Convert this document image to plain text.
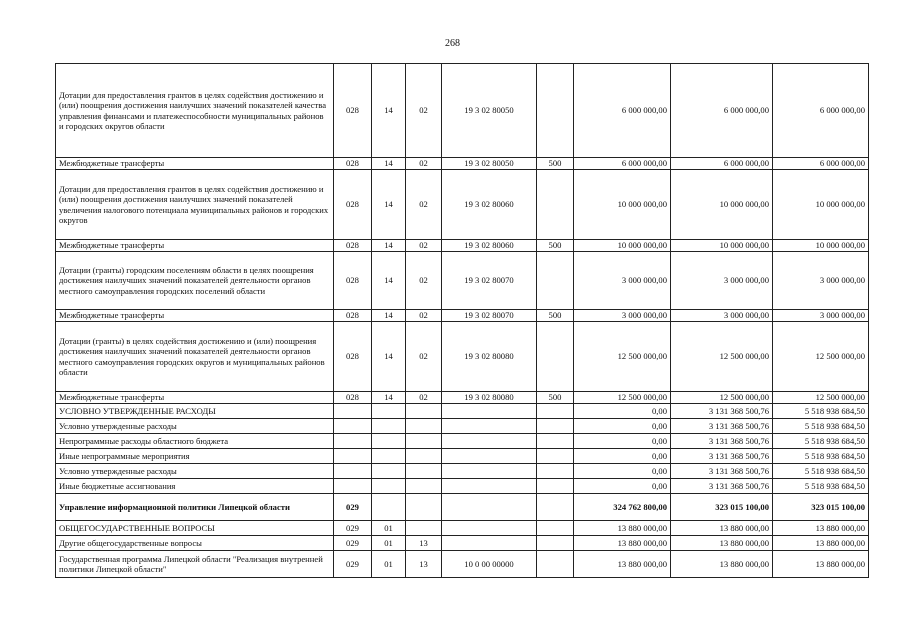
268
Дотации для предоставления грантов в целях содействия достижению и (или) поощрения достижения наилучших значений показателей качества управления финансами и платежеспособности муниципальных районов и городских округов области	028	14	02	19 3 02 80050		6 000 000,00	6 000 000,00	6 000 000,00
Межбюджетные трансферты	028	14	02	19 3 02 80050	500	6 000 000,00	6 000 000,00	6 000 000,00
Дотации для предоставления грантов в целях содействия достижению и (или) поощрения достижения наилучших значений показателей увеличения налогового потенциала муниципальных районов и городских округов	028	14	02	19 3 02 80060		10 000 000,00	10 000 000,00	10 000 000,00
Межбюджетные трансферты	028	14	02	19 3 02 80060	500	10 000 000,00	10 000 000,00	10 000 000,00
Дотации (гранты) городским поселениям области в целях поощрения достижения наилучших значений показателей деятельности органов местного самоуправления городских поселений области	028	14	02	19 3 02 80070		3 000 000,00	3 000 000,00	3 000 000,00
Межбюджетные трансферты	028	14	02	19 3 02 80070	500	3 000 000,00	3 000 000,00	3 000 000,00
Дотации (гранты) в целях содействия достижению и (или) поощрения достижения наилучших значений показателей деятельности органов местного самоуправления городских округов и муниципальных районов области	028	14	02	19 3 02 80080		12 500 000,00	12 500 000,00	12 500 000,00
Межбюджетные трансферты	028	14	02	19 3 02 80080	500	12 500 000,00	12 500 000,00	12 500 000,00
УСЛОВНО УТВЕРЖДЕННЫЕ РАСХОДЫ						0,00	3 131 368 500,76	5 518 938 684,50
Условно утвержденные расходы						0,00	3 131 368 500,76	5 518 938 684,50
Непрограммные расходы областного бюджета						0,00	3 131 368 500,76	5 518 938 684,50
Иные непрограммные мероприятия						0,00	3 131 368 500,76	5 518 938 684,50
Условно утвержденные расходы						0,00	3 131 368 500,76	5 518 938 684,50
Иные бюджетные ассигнования						0,00	3 131 368 500,76	5 518 938 684,50
Управление информационной политики Липецкой области	029					324 762 800,00	323 015 100,00	323 015 100,00
ОБЩЕГОСУДАРСТВЕННЫЕ ВОПРОСЫ	029	01				13 880 000,00	13 880 000,00	13 880 000,00
Другие общегосударственные вопросы	029	01	13			13 880 000,00	13 880 000,00	13 880 000,00
Государственная программа Липецкой области "Реализация внутренней политики Липецкой области"	029	01	13	10 0 00 00000		13 880 000,00	13 880 000,00	13 880 000,00
